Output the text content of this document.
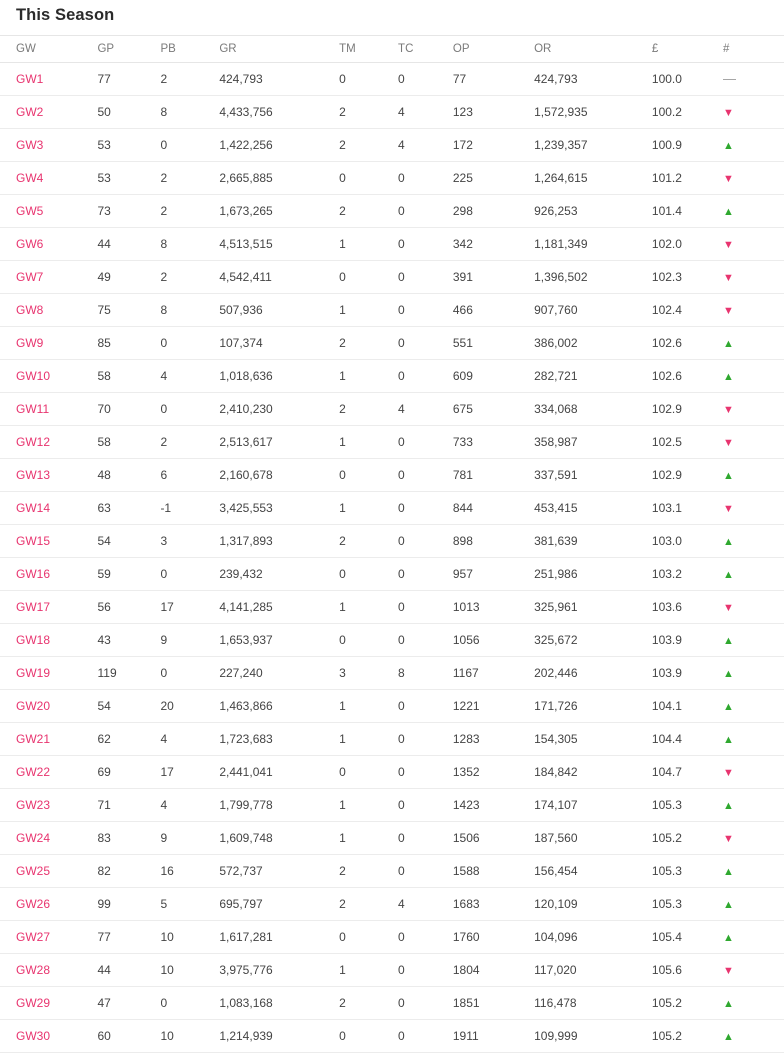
This Season
GW	GP	PB	GR	TM	TC	OP	OR	£	#
GW1	77	2	424,793	0	0	77	424,793	100.0	—
GW2	50	8	4,433,756	2	4	123	1,572,935	100.2	▼
GW3	53	0	1,422,256	2	4	172	1,239,357	100.9	▲
GW4	53	2	2,665,885	0	0	225	1,264,615	101.2	▼
GW5	73	2	1,673,265	2	0	298	926,253	101.4	▲
GW6	44	8	4,513,515	1	0	342	1,181,349	102.0	▼
GW7	49	2	4,542,411	0	0	391	1,396,502	102.3	▼
GW8	75	8	507,936	1	0	466	907,760	102.4	▼
GW9	85	0	107,374	2	0	551	386,002	102.6	▲
GW10	58	4	1,018,636	1	0	609	282,721	102.6	▲
GW11	70	0	2,410,230	2	4	675	334,068	102.9	▼
GW12	58	2	2,513,617	1	0	733	358,987	102.5	▼
GW13	48	6	2,160,678	0	0	781	337,591	102.9	▲
GW14	63	-1	3,425,553	1	0	844	453,415	103.1	▼
GW15	54	3	1,317,893	2	0	898	381,639	103.0	▲
GW16	59	0	239,432	0	0	957	251,986	103.2	▲
GW17	56	17	4,141,285	1	0	1013	325,961	103.6	▼
GW18	43	9	1,653,937	0	0	1056	325,672	103.9	▲
GW19	119	0	227,240	3	8	1167	202,446	103.9	▲
GW20	54	20	1,463,866	1	0	1221	171,726	104.1	▲
GW21	62	4	1,723,683	1	0	1283	154,305	104.4	▲
GW22	69	17	2,441,041	0	0	1352	184,842	104.7	▼
GW23	71	4	1,799,778	1	0	1423	174,107	105.3	▲
GW24	83	9	1,609,748	1	0	1506	187,560	105.2	▼
GW25	82	16	572,737	2	0	1588	156,454	105.3	▲
GW26	99	5	695,797	2	4	1683	120,109	105.3	▲
GW27	77	10	1,617,281	0	0	1760	104,096	105.4	▲
GW28	44	10	3,975,776	1	0	1804	117,020	105.6	▼
GW29	47	0	1,083,168	2	0	1851	116,478	105.2	▲
GW30	60	10	1,214,939	0	0	1911	109,999	105.2	▲
